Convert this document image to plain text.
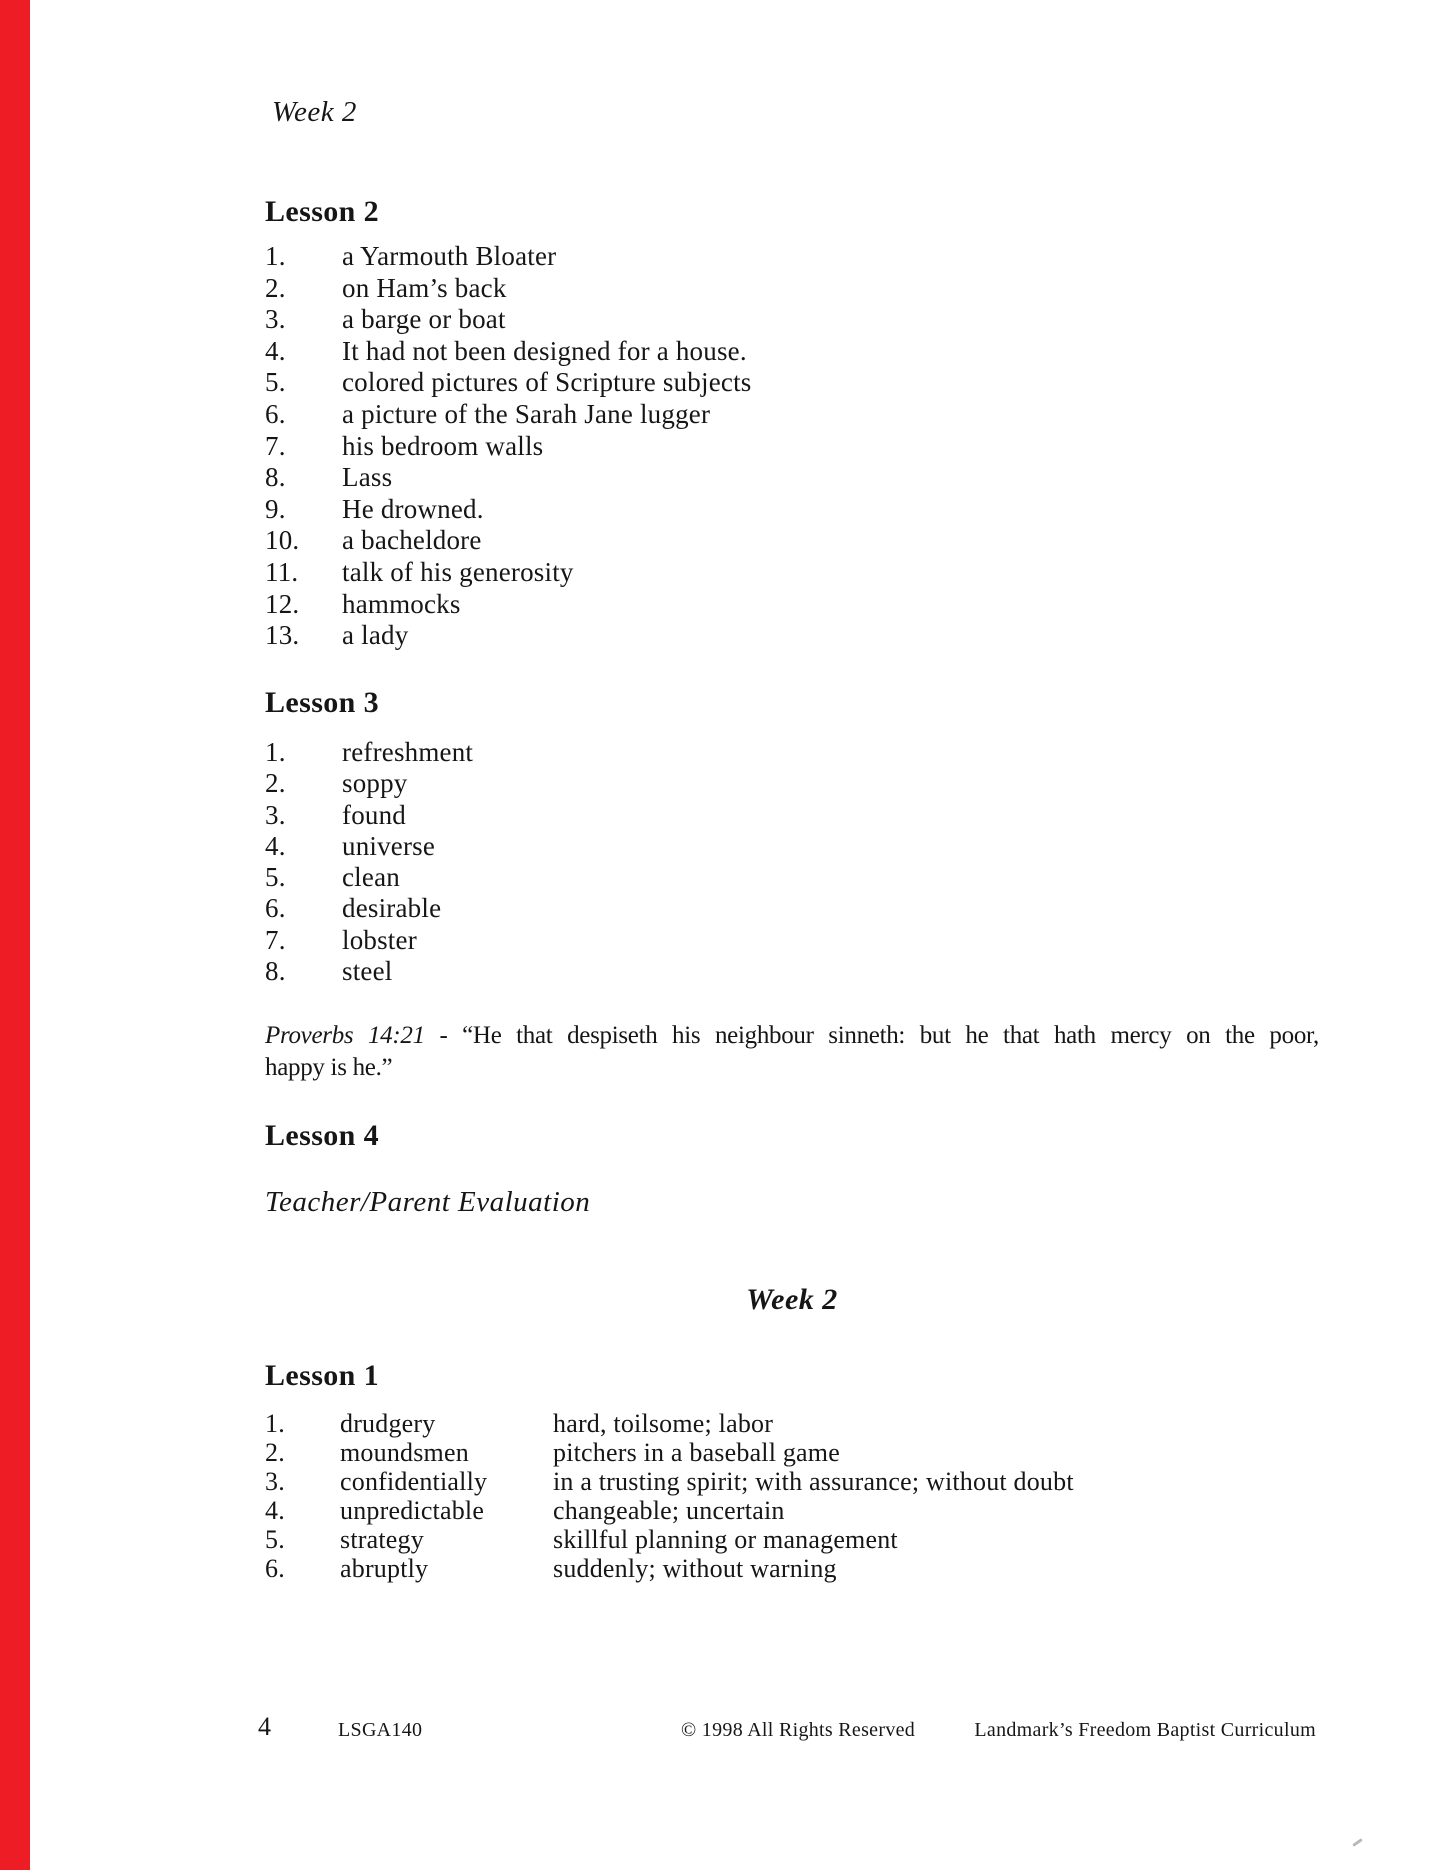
Week 2
Lesson 2
1. a Yarmouth Bloater
2. on Ham’s back
3. a barge or boat
4. It had not been designed for a house.
5. colored pictures of Scripture subjects
6. a picture of the Sarah Jane lugger
7. his bedroom walls
8. Lass
9. He drowned.
10. a bacheldore
11. talk of his generosity
12. hammocks
13. a lady
Lesson 3
1. refreshment
2. soppy
3. found
4. universe
5. clean
6. desirable
7. lobster
8. steel
Proverbs 14:21 - “He that despiseth his neighbour sinneth: but he that hath mercy on the poor,
happy is he.”
Lesson 4
Teacher/Parent Evaluation
Week 2
Lesson 1
1. drudgery	hard, toilsome; labor
2. moundsmen	pitchers in a baseball game
3. confidentially	in a trusting spirit; with assurance; without doubt
4. unpredictable	changeable; uncertain
5. strategy	skillful planning or management
6. abruptly	suddenly; without warning
4	LSGA140	© 1998 All Rights Reserved	Landmark’s Freedom Baptist Curriculum
